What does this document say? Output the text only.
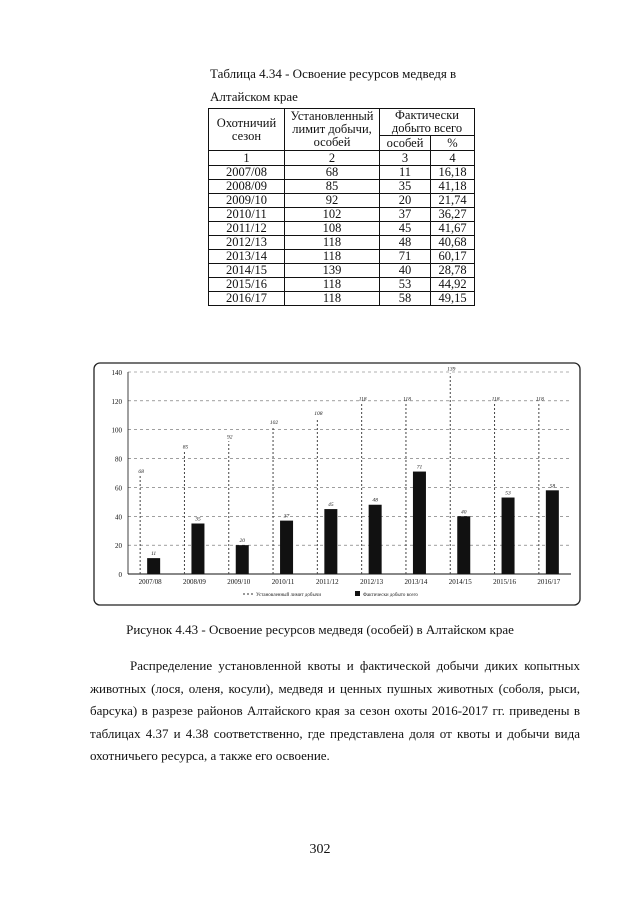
Таблица 4.34 - Освоение ресурсов медведя в Алтайском крае
Охотничий сезон	Установленный лимит добычи, особей	Фактически добыто всего	
		особей	%
1	2	3	4
2007/08	68	11	16,18
2008/09	85	35	41,18
2009/10	92	20	21,74
2010/11	102	37	36,27
2011/12	108	45	41,67
2012/13	118	48	40,68
2013/14	118	71	60,17
2014/15	139	40	28,78
2015/16	118	53	44,92
2016/17	118	58	49,15
0
20
40
60
80
100
120
140
2007/08	2008/09	2009/10	2010/11	2011/12	2012/13	2013/14	2014/15	2015/16	2016/17
68
11
85
35
92
20
102
37
108
45
118
48
118
71
139
40
118
53
118
58
Установленный лимит добычи	Фактически добыто всего
Рисунок 4.43 - Освоение ресурсов медведя (особей) в Алтайском крае

Распределение установленной квоты и фактической добычи диких копытных животных (лося, оленя, косули), медведя и ценных пушных животных (соболя, рыси, барсука) в разрезе районов Алтайского края за сезон охоты 2016-2017 гг. приведены в таблицах 4.37 и 4.38 соответственно, где представлена доля от квоты и добычи вида охотничьего ресурса, а также его освоение.

302
